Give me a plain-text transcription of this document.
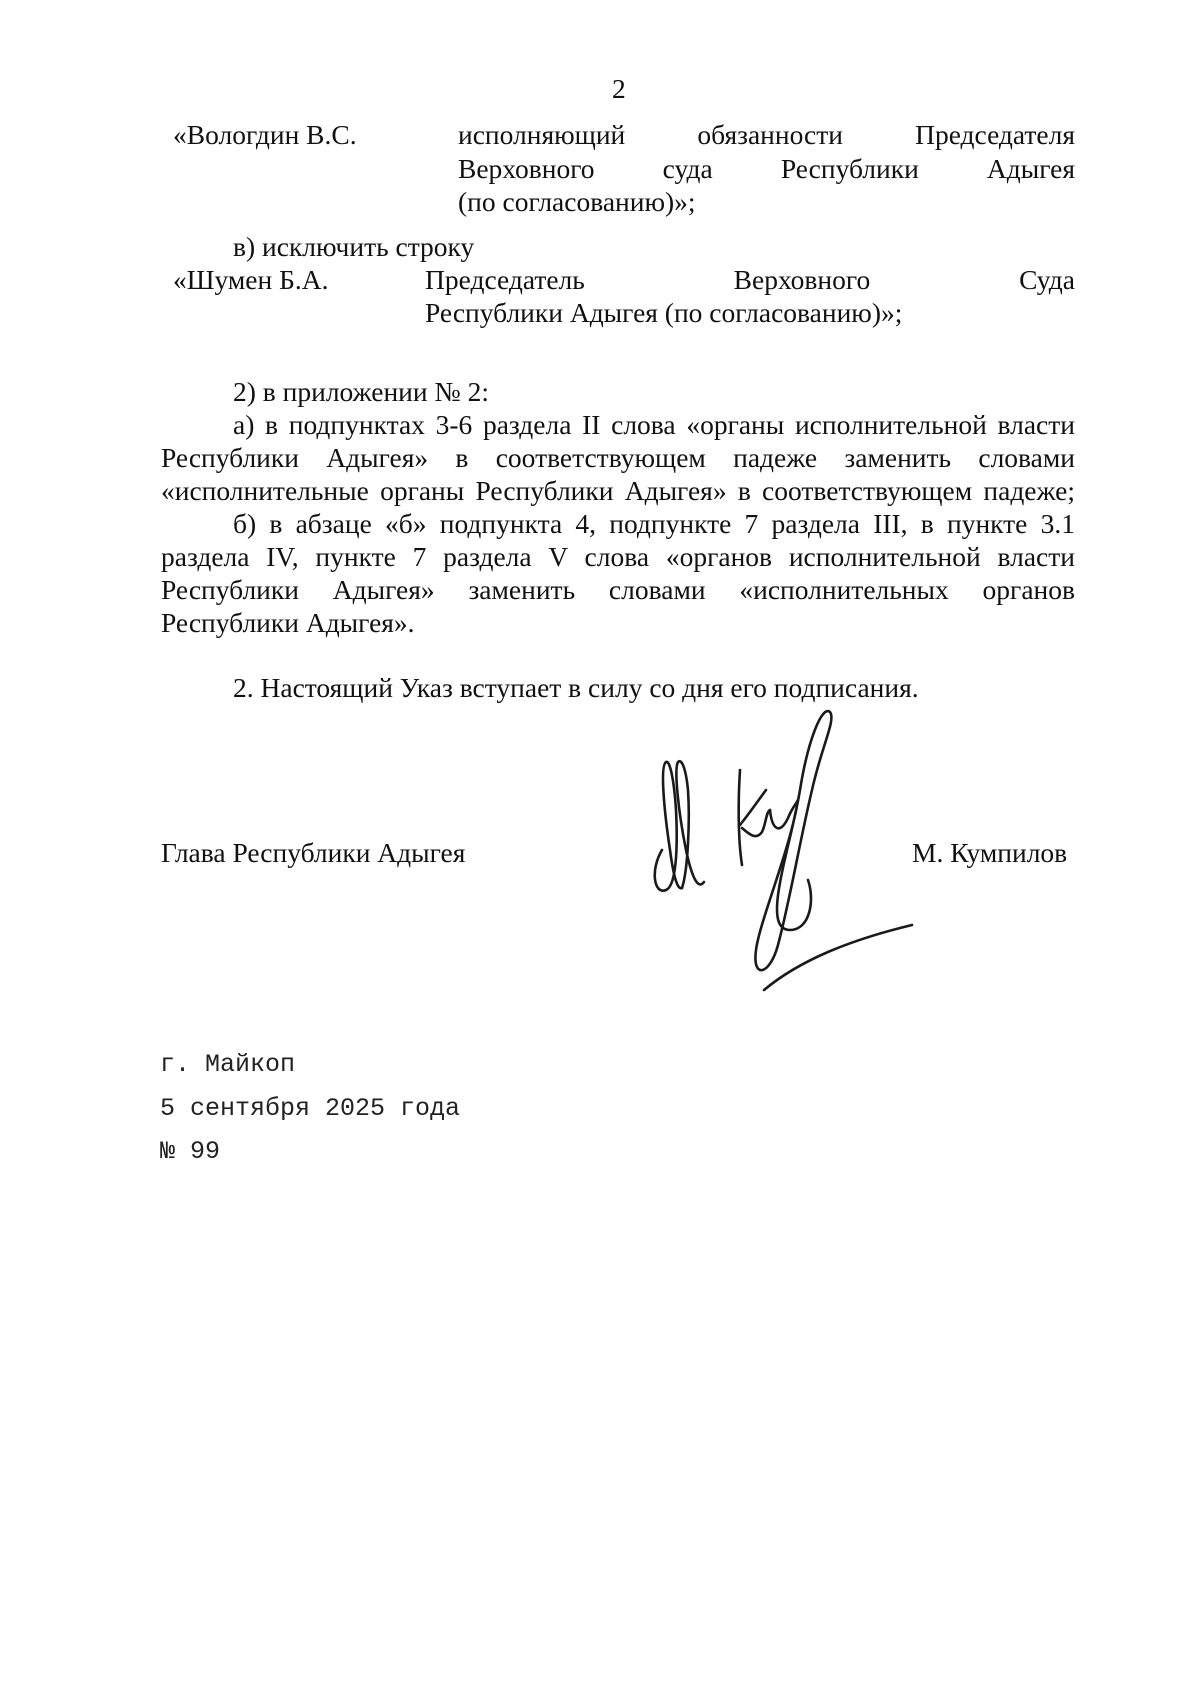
2
«Вологдин В.С.	исполняющий обязанности Председателя
Верховного суда Республики Адыгея
(по согласованию)»;
в) исключить строку
«Шумен Б.А.	Председатель Верховного Суда
Республики Адыгея (по согласованию)»;
2) в приложении № 2:
а) в подпунктах 3-6 раздела II слова «органы исполнительной власти
Республики Адыгея» в соответствующем падеже заменить словами
«исполнительные органы Республики Адыгея» в соответствующем падеже;
б) в абзаце «б» подпункта 4, подпункте 7 раздела III, в пункте 3.1
раздела IV, пункте 7 раздела V слова «органов исполнительной власти
Республики Адыгея» заменить словами «исполнительных органов
Республики Адыгея».
2. Настоящий Указ вступает в силу со дня его подписания.
Глава Республики Адыгея	М. Кумпилов
г. Майкоп
5 сентября 2025 года
№ 99
